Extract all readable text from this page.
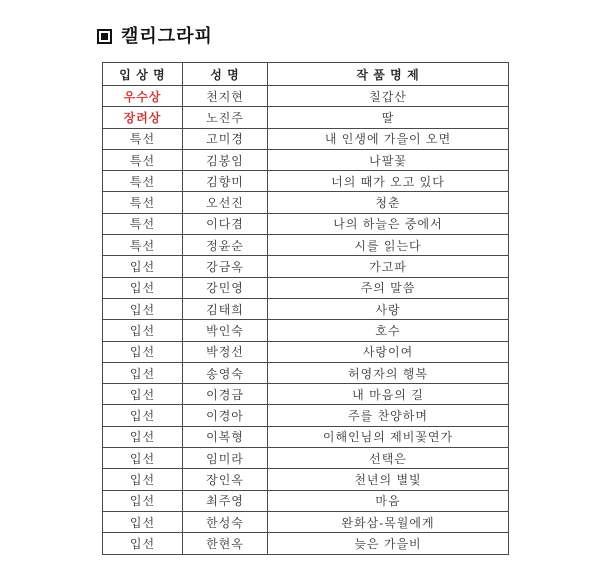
캘리그라피
입 상 명	성 명	작 품 명 제
우수상	천지현	칠갑산
장려상	노진주	딸
특선	고미경	내 인생에 가을이 오면
특선	김봉임	나팔꽃
특선	김향미	너의 때가 오고 있다
특선	오선진	청춘
특선	이다겸	나의 하늘은 중에서
특선	정윤순	시를 읽는다
입선	강금옥	가고파
입선	강민영	주의 말씀
입선	김태희	사랑
입선	박인숙	호수
입선	박정선	사랑이여
입선	송영숙	허영자의 행복
입선	이경금	내 마음의 길
입선	이경아	주를 찬양하며
입선	이복형	이해인님의 제비꽃연가
입선	임미라	선택은
입선	장인옥	천년의 별빛
입선	최주영	마음
입선	한성숙	완화삼-목월에게
입선	한현옥	늦은 가을비
